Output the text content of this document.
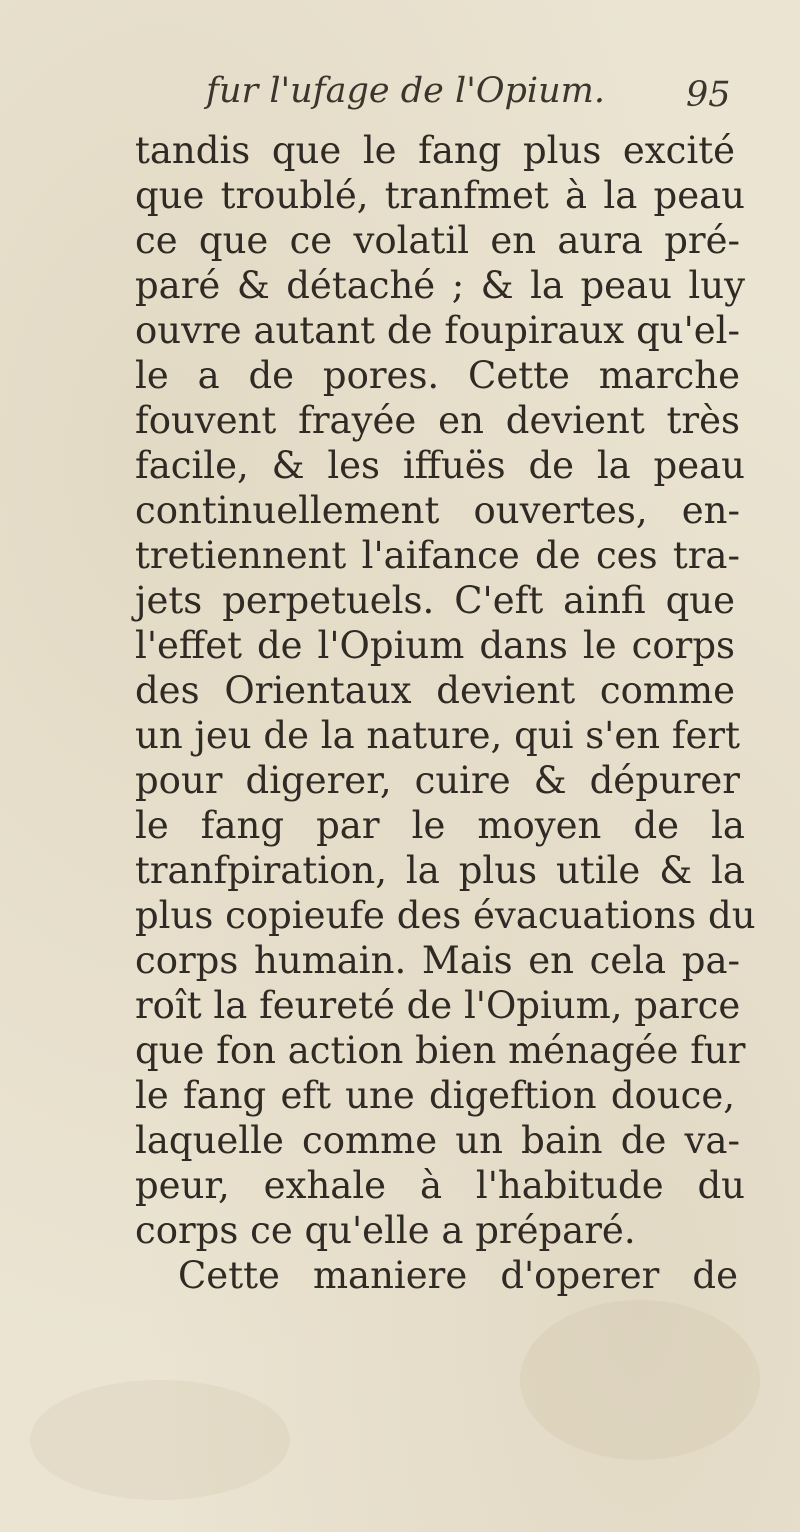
fur l'ufage de l'Opium.	95
tandis que le fang plus excité
que troublé, tranfmet à la peau
ce que ce volatil en aura pré-
paré & détaché ; & la peau luy
ouvre autant de foupiraux qu'el-
le a de pores. Cette marche
fouvent frayée en devient très
facile, & les iffuës de la peau
continuellement ouvertes, en-
tretiennent l'aifance de ces tra-
jets perpetuels. C'eft ainfi que
l'effet de l'Opium dans le corps
des Orientaux devient comme
un jeu de la nature, qui s'en fert
pour digerer, cuire & dépurer
le fang par le moyen de la
tranfpiration, la plus utile & la
plus copieufe des évacuations du
corps humain. Mais en cela pa-
roît la feureté de l'Opium, parce
que fon action bien ménagée fur
le fang eft une digeftion douce,
laquelle comme un bain de va-
peur, exhale à l'habitude du
corps ce qu'elle a préparé.
Cette maniere d'operer de
